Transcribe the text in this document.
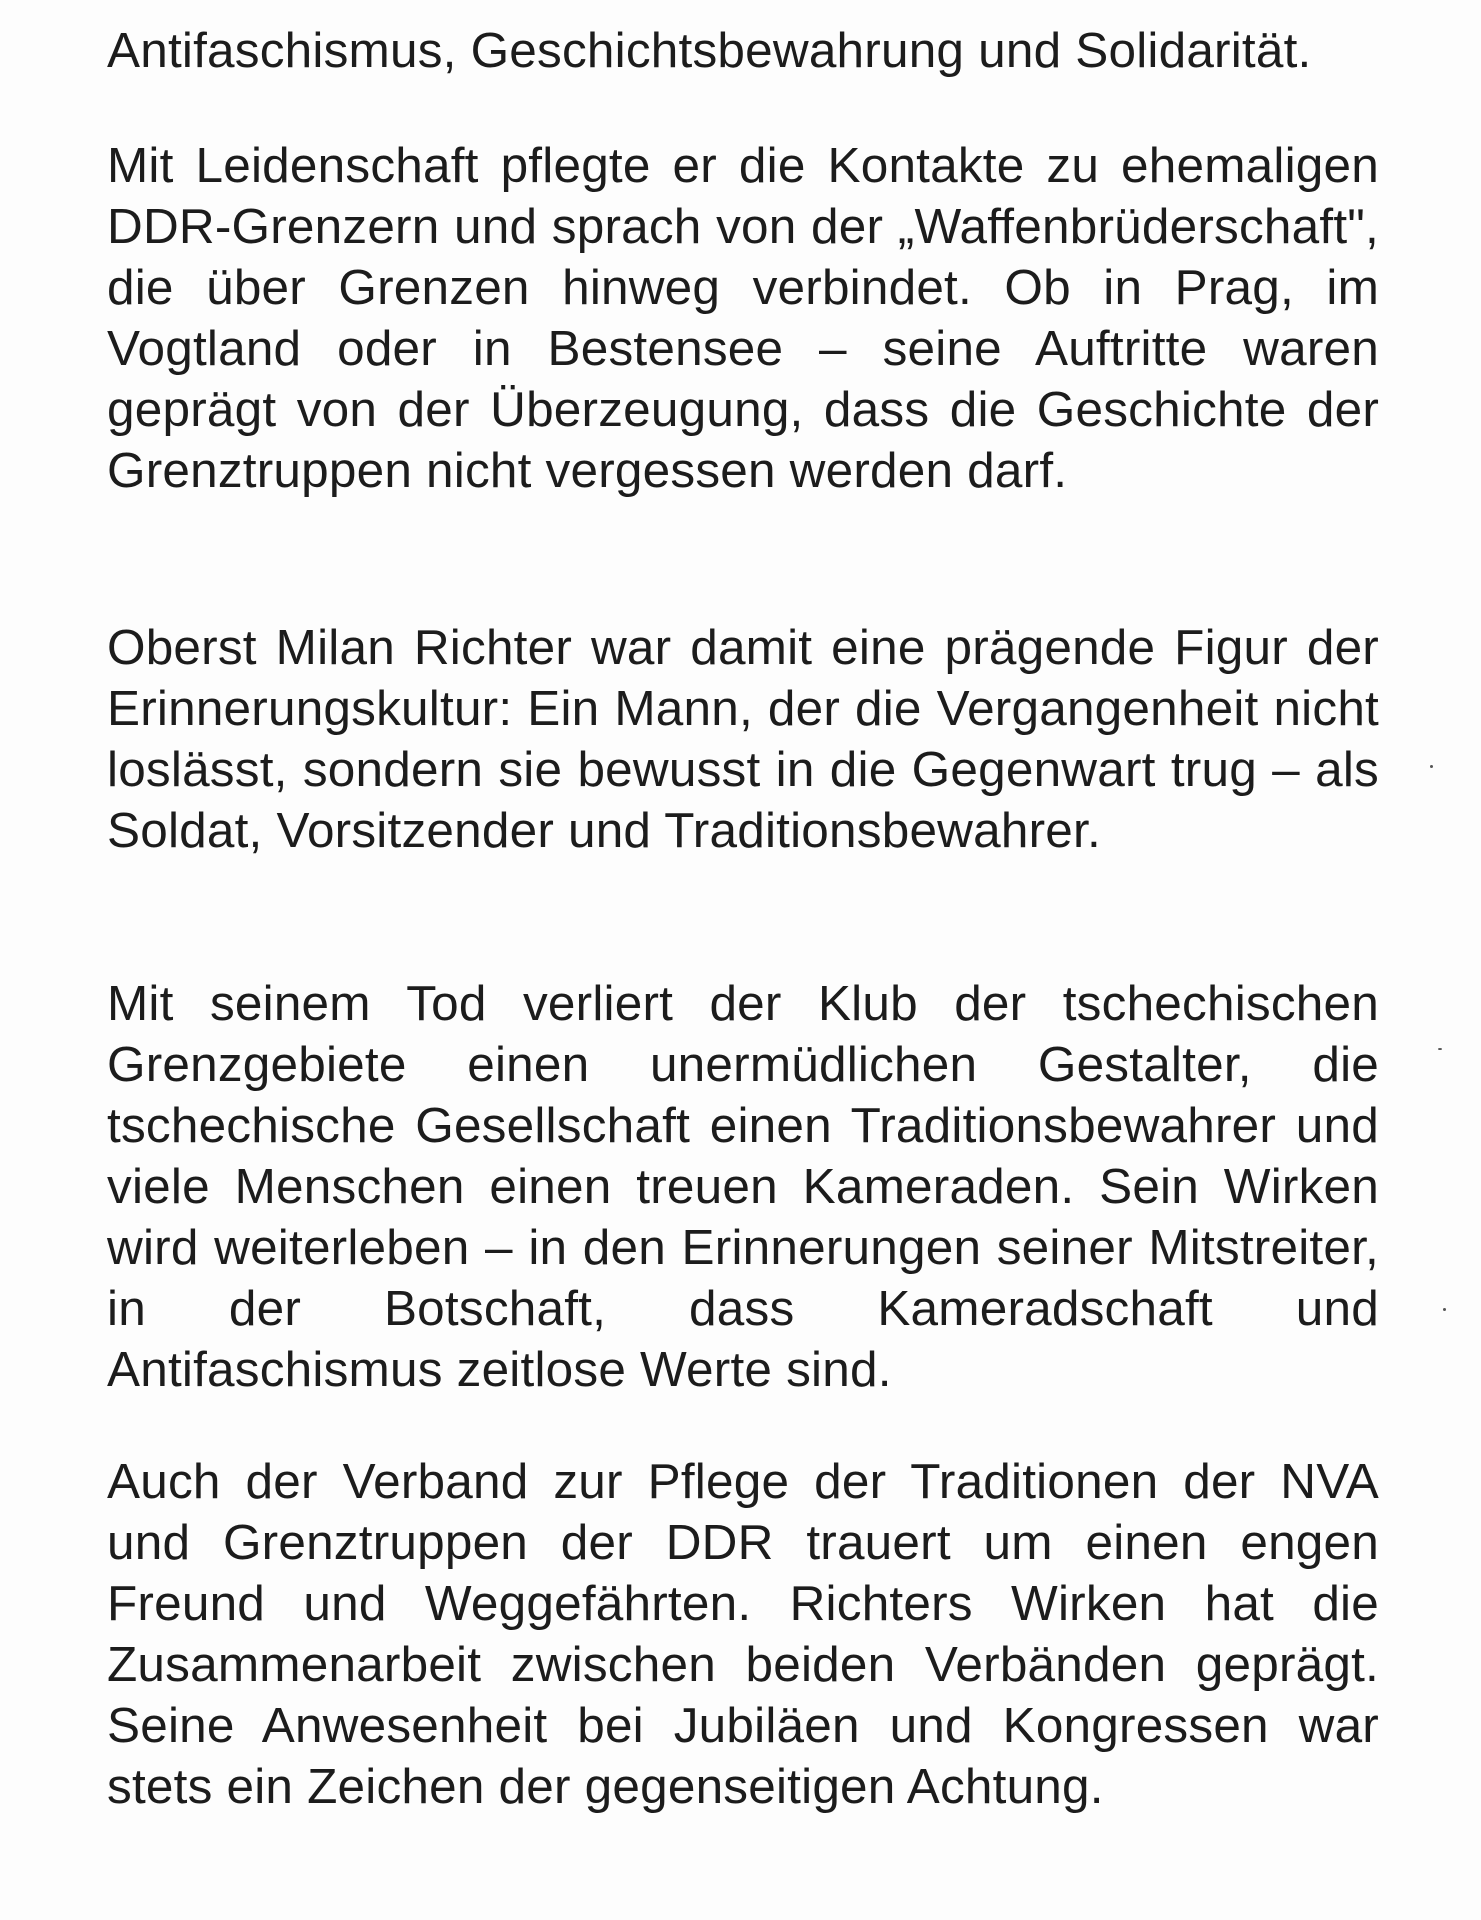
Antifaschismus, Geschichtsbewahrung und Solidarität.

Mit Leidenschaft pflegte er die Kontakte zu ehemaligen DDR-Grenzern und sprach von der „Waffenbrüderschaft", die über Grenzen hinweg verbindet. Ob in Prag, im Vogtland oder in Bestensee – seine Auftritte waren geprägt von der Überzeugung, dass die Geschichte der Grenztruppen nicht vergessen werden darf.

Oberst Milan Richter war damit eine prägende Figur der Erinnerungskultur: Ein Mann, der die Vergangenheit nicht loslässt, sondern sie bewusst in die Gegenwart trug – als Soldat, Vorsitzender und Traditionsbewahrer.

Mit seinem Tod verliert der Klub der tschechischen Grenzgebiete einen unermüdlichen Gestalter, die tschechische Gesellschaft einen Traditionsbewahrer und viele Menschen einen treuen Kameraden. Sein Wirken wird weiterleben – in den Erinnerungen seiner Mitstreiter, in der Botschaft, dass Kameradschaft und Antifaschismus zeitlose Werte sind.

Auch der Verband zur Pflege der Traditionen der NVA und Grenztruppen der DDR trauert um einen engen Freund und Weggefährten. Richters Wirken hat die Zusammenarbeit zwischen beiden Verbänden geprägt. Seine Anwesenheit bei Jubiläen und Kongressen war stets ein Zeichen der gegenseitigen Achtung.
